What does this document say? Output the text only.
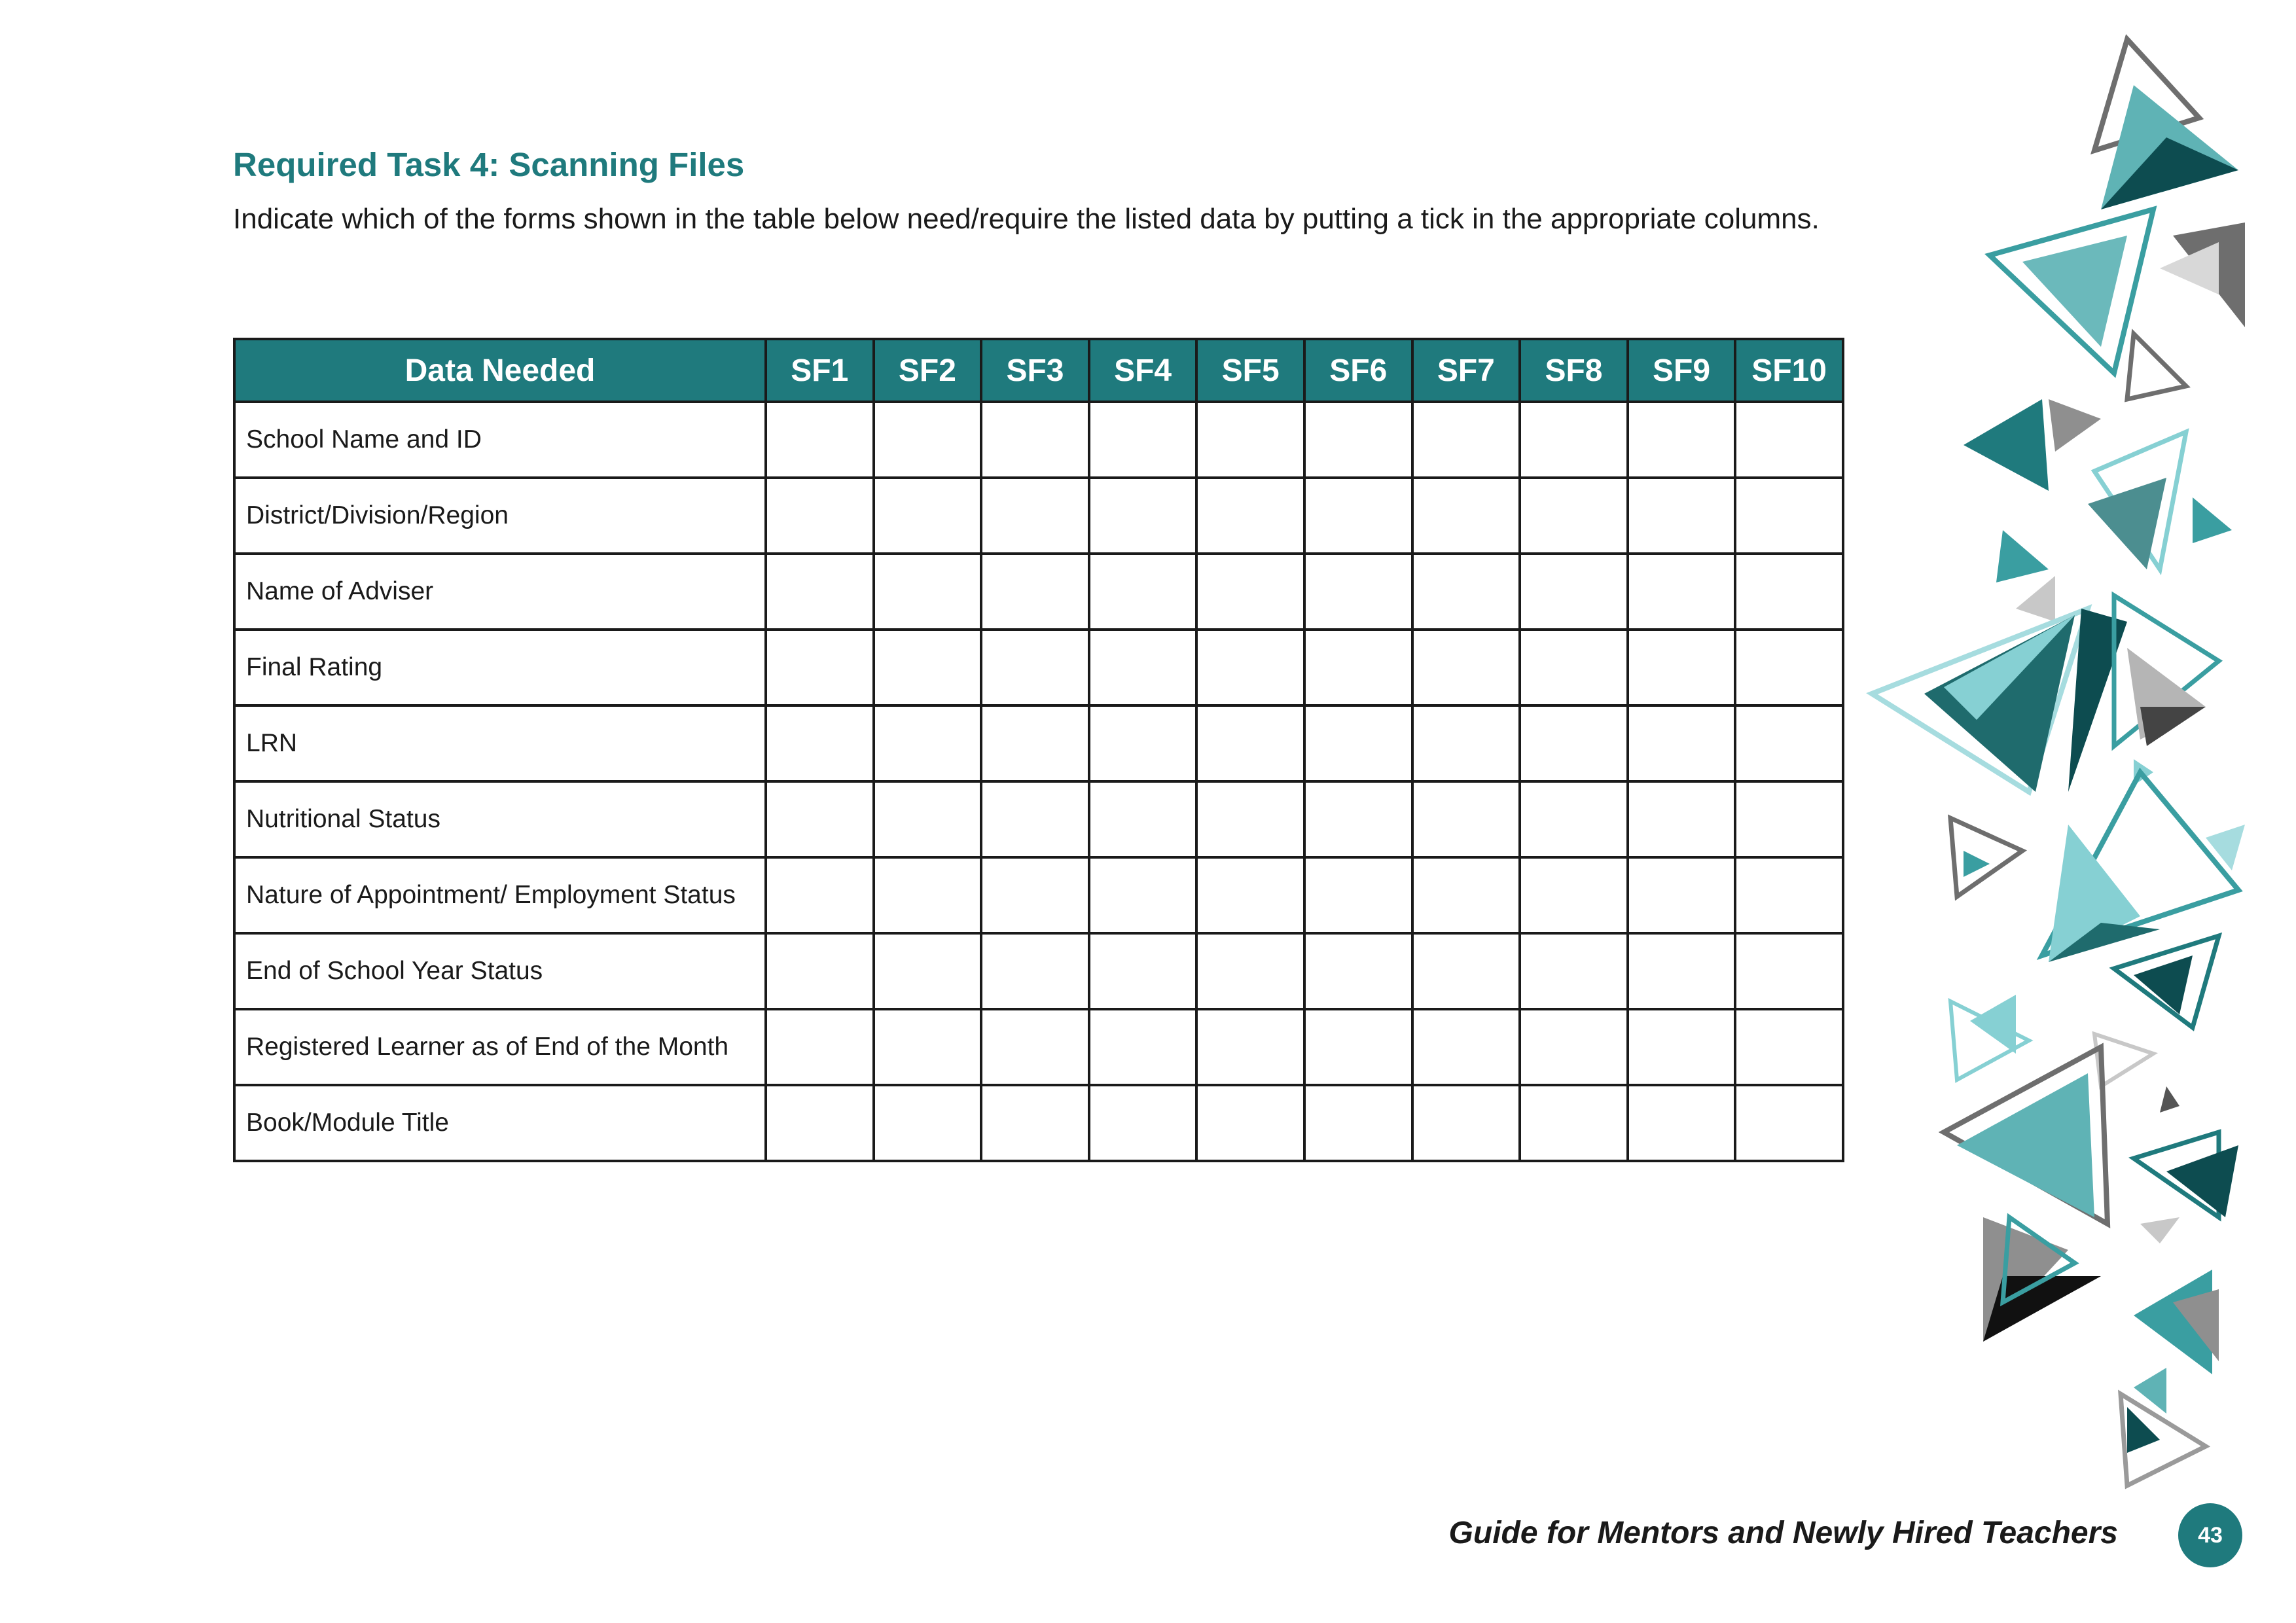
Required Task 4: Scanning Files
Indicate which of the forms shown in the table below need/require the listed data by putting a tick in the appropriate columns.
Data Needed	SF1	SF2	SF3	SF4	SF5	SF6	SF7	SF8	SF9	SF10
School Name and ID										
District/Division/Region										
Name of Adviser										
Final Rating										
LRN										
Nutritional Status										
Nature of Appointment/ Employment Status										
End of School Year Status										
Registered Learner as of End of the Month										
Book/Module Title										
Guide for Mentors and Newly Hired Teachers	43
